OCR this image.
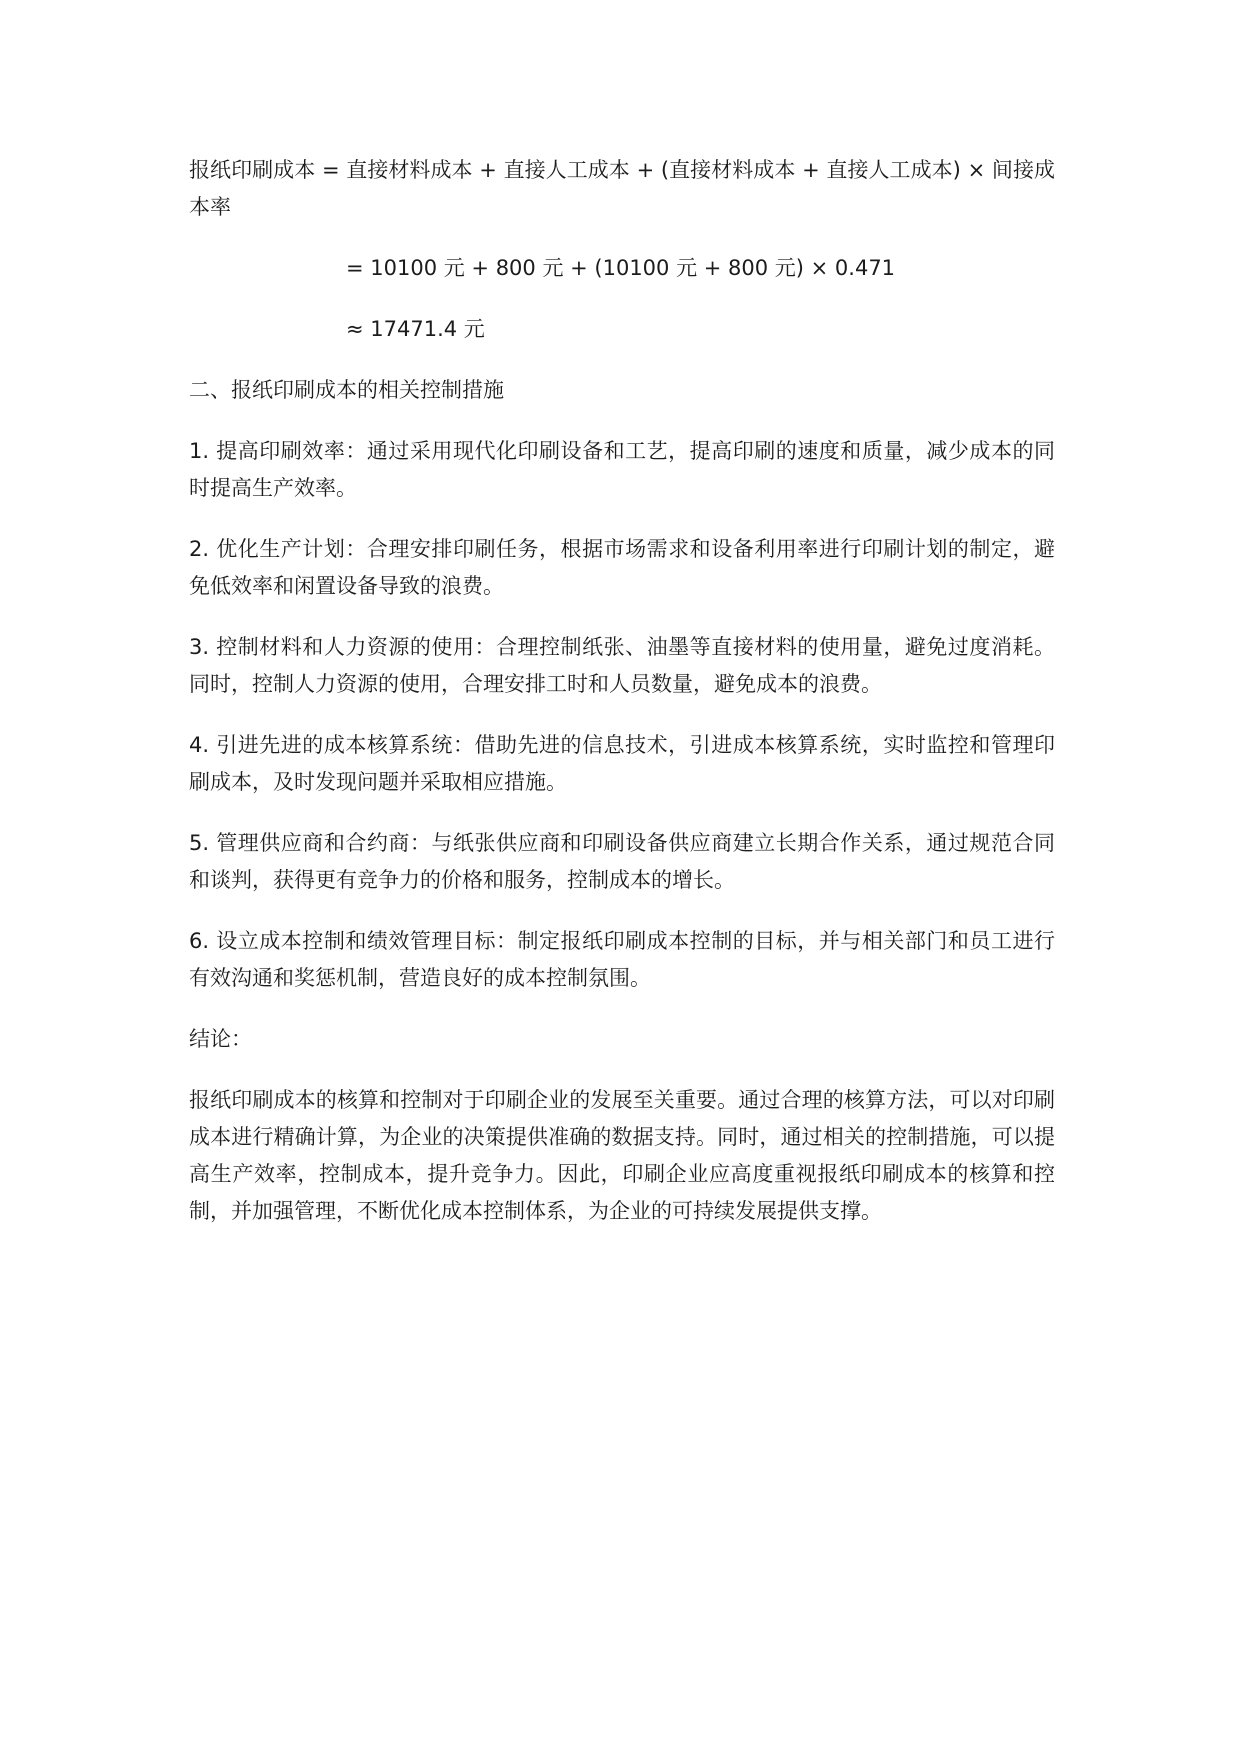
报纸印刷成本 = 直接材料成本 + 直接人工成本 + (直接材料成本 + 直接人工成本) × 间接成本率

= 10100 元 + 800 元 + (10100 元 + 800 元) × 0.471

≈ 17471.4 元

二、报纸印刷成本的相关控制措施

1. 提高印刷效率：通过采用现代化印刷设备和工艺，提高印刷的速度和质量，减少成本的同时提高生产效率。

2. 优化生产计划：合理安排印刷任务，根据市场需求和设备利用率进行印刷计划的制定，避免低效率和闲置设备导致的浪费。

3. 控制材料和人力资源的使用：合理控制纸张、油墨等直接材料的使用量，避免过度消耗。同时，控制人力资源的使用，合理安排工时和人员数量，避免成本的浪费。

4. 引进先进的成本核算系统：借助先进的信息技术，引进成本核算系统，实时监控和管理印刷成本，及时发现问题并采取相应措施。

5. 管理供应商和合约商：与纸张供应商和印刷设备供应商建立长期合作关系，通过规范合同和谈判，获得更有竞争力的价格和服务，控制成本的增长。

6. 设立成本控制和绩效管理目标：制定报纸印刷成本控制的目标，并与相关部门和员工进行有效沟通和奖惩机制，营造良好的成本控制氛围。

结论：

报纸印刷成本的核算和控制对于印刷企业的发展至关重要。通过合理的核算方法，可以对印刷成本进行精确计算，为企业的决策提供准确的数据支持。同时，通过相关的控制措施，可以提高生产效率，控制成本，提升竞争力。因此，印刷企业应高度重视报纸印刷成本的核算和控制，并加强管理，不断优化成本控制体系，为企业的可持续发展提供支撑。
